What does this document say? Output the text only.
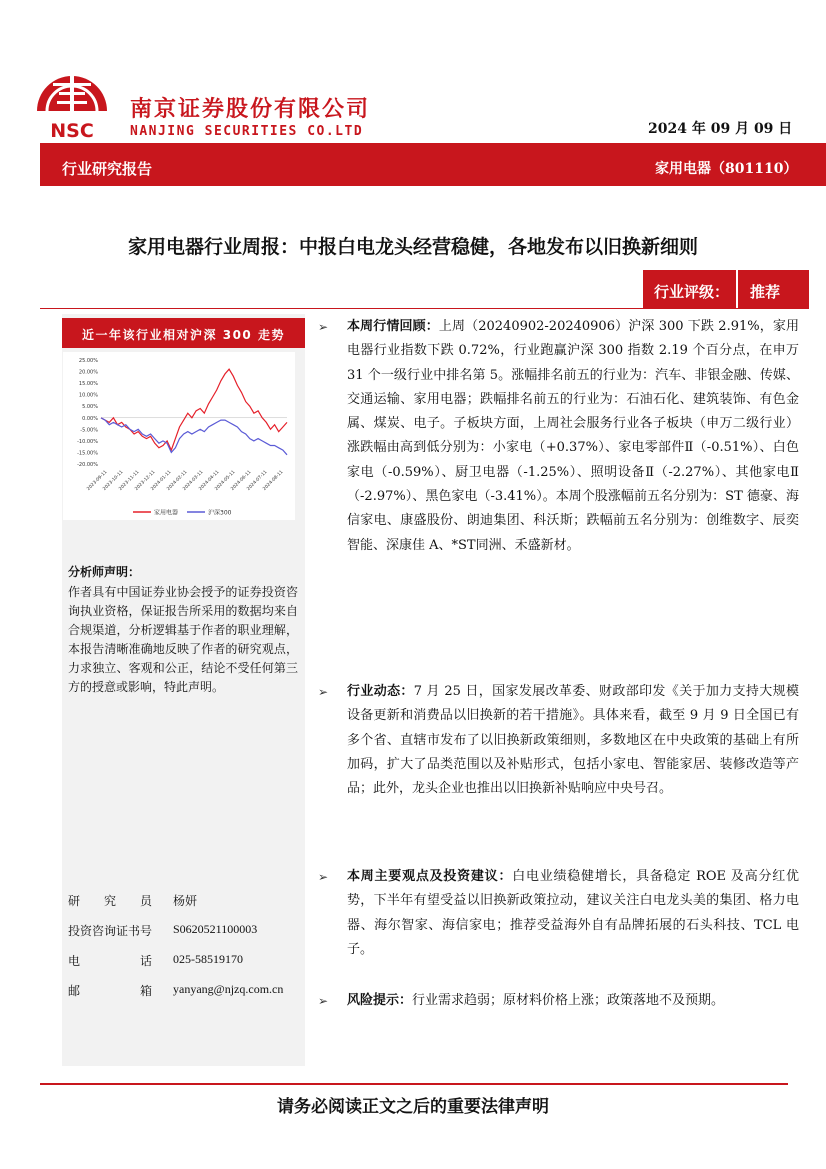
NSC
南京证券股份有限公司
NANJING SECURITIES CO.LTD	2024 年 09 月 09 日
行业研究报告	家用电器（801110）
家用电器行业周报：中报白电龙头经营稳健，各地发布以旧换新细则
行业评级： 推荐
近一年该行业相对沪深 300 走势
25.00%
20.00%
15.00%
10.00%
5.00%
0.00%
-5.00%
-10.00%
-15.00%
-20.00%
2023-09-11
2023-10-11
2023-11-11
2023-12-11
2024-01-11
2024-02-11
2024-03-11
2024-04-11
2024-05-11
2024-06-11
2024-07-11
2024-08-11
家用电器	沪深300
分析师声明：
作者具有中国证券业协会授予的证券投资咨询执业资格，保证报告所采用的数据均来自合规渠道，分析逻辑基于作者的职业理解，本报告清晰准确地反映了作者的研究观点，力求独立、客观和公正，结论不受任何第三方的授意或影响，特此声明。
研　　究　　员	杨妍
投资咨询证书号	S0620521100003
电　　　　　话	025-58519170
邮　　　　　箱	yanyang@njzq.com.cn
➢ 本周行情回顾：上周（20240902-20240906）沪深 300 下跌 2.91%，家用电器行业指数下跌 0.72%，行业跑赢沪深 300 指数 2.19 个百分点，在申万 31 个一级行业中排名第 5。涨幅排名前五的行业为：汽车、非银金融、传媒、交通运输、家用电器；跌幅排名前五的行业为：石油石化、建筑装饰、有色金属、煤炭、电子。子板块方面，上周社会服务行业各子板块（申万二级行业）涨跌幅由高到低分别为：小家电（+0.37%）、家电零部件Ⅱ（-0.51%）、白色家电（-0.59%）、厨卫电器（-1.25%）、照明设备Ⅱ（-2.27%）、其他家电Ⅱ（-2.97%）、黑色家电（-3.41%）。本周个股涨幅前五名分别为：ST 德豪、海信家电、康盛股份、朗迪集团、科沃斯；跌幅前五名分别为：创维数字、辰奕智能、深康佳 A、*ST同洲、禾盛新材。
➢ 行业动态：7 月 25 日，国家发展改革委、财政部印发《关于加力支持大规模设备更新和消费品以旧换新的若干措施》。具体来看，截至 9 月 9 日全国已有多个省、直辖市发布了以旧换新政策细则，多数地区在中央政策的基础上有所加码，扩大了品类范围以及补贴形式，包括小家电、智能家居、装修改造等产品；此外，龙头企业也推出以旧换新补贴响应中央号召。
➢ 本周主要观点及投资建议：白电业绩稳健增长，具备稳定 ROE 及高分红优势，下半年有望受益以旧换新政策拉动，建议关注白电龙头美的集团、格力电器、海尔智家、海信家电；推荐受益海外自有品牌拓展的石头科技、TCL 电子。
➢ 风险提示：行业需求趋弱；原材料价格上涨；政策落地不及预期。
请务必阅读正文之后的重要法律声明
